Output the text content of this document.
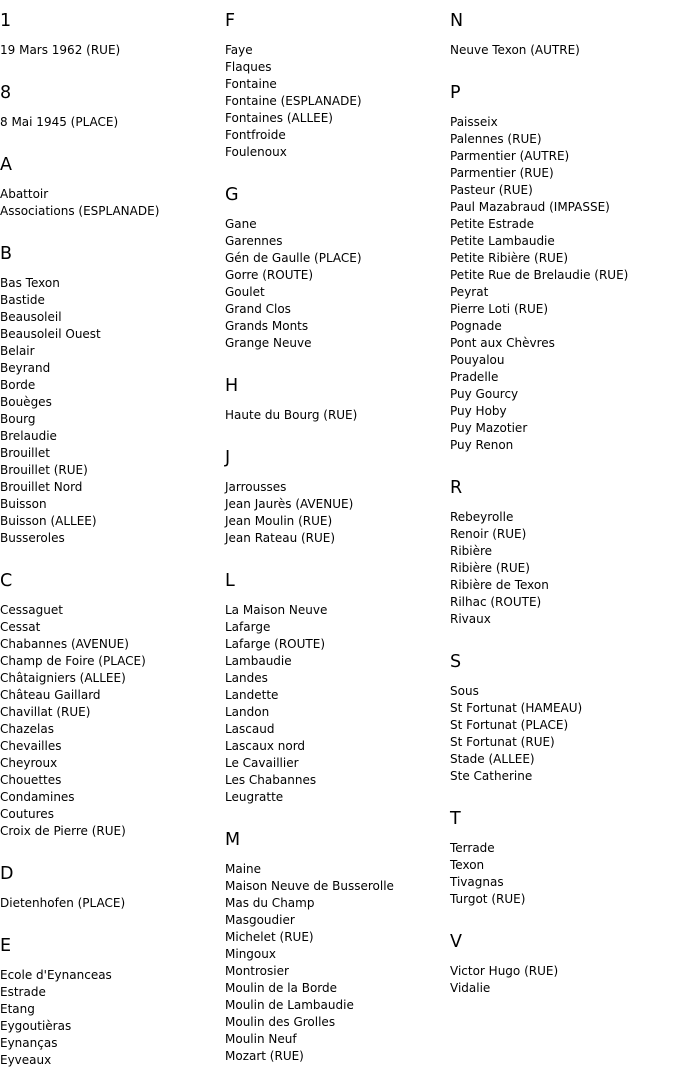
1
19 Mars 1962 (RUE)
8
8 Mai 1945 (PLACE)
A
Abattoir
Associations (ESPLANADE)
B
Bas Texon
Bastide
Beausoleil
Beausoleil Ouest
Belair
Beyrand
Borde
Bouèges
Bourg
Brelaudie
Brouillet
Brouillet (RUE)
Brouillet Nord
Buisson
Buisson (ALLEE)
Busseroles
C
Cessaguet
Cessat
Chabannes (AVENUE)
Champ de Foire (PLACE)
Châtaigniers (ALLEE)
Château Gaillard
Chavillat (RUE)
Chazelas
Chevailles
Cheyroux
Chouettes
Condamines
Coutures
Croix de Pierre (RUE)
D
Dietenhofen (PLACE)
E
Ecole d'Eynanceas
Estrade
Etang
Eygoutièras
Eynanças
Eyveaux
F
Faye
Flaques
Fontaine
Fontaine (ESPLANADE)
Fontaines (ALLEE)
Fontfroide
Foulenoux
G
Gane
Garennes
Gén de Gaulle (PLACE)
Gorre (ROUTE)
Goulet
Grand Clos
Grands Monts
Grange Neuve
H
Haute du Bourg (RUE)
J
Jarrousses
Jean Jaurès (AVENUE)
Jean Moulin (RUE)
Jean Rateau (RUE)
L
La Maison Neuve
Lafarge
Lafarge (ROUTE)
Lambaudie
Landes
Landette
Landon
Lascaud
Lascaux nord
Le Cavaillier
Les Chabannes
Leugratte
M
Maine
Maison Neuve de Busserolle
Mas du Champ
Masgoudier
Michelet (RUE)
Mingoux
Montrosier
Moulin de la Borde
Moulin de Lambaudie
Moulin des Grolles
Moulin Neuf
Mozart (RUE)
N
Neuve Texon (AUTRE)
P
Paisseix
Palennes (RUE)
Parmentier (AUTRE)
Parmentier (RUE)
Pasteur (RUE)
Paul Mazabraud (IMPASSE)
Petite Estrade
Petite Lambaudie
Petite Ribière (RUE)
Petite Rue de Brelaudie (RUE)
Peyrat
Pierre Loti (RUE)
Pognade
Pont aux Chèvres
Pouyalou
Pradelle
Puy Gourcy
Puy Hoby
Puy Mazotier
Puy Renon
R
Rebeyrolle
Renoir (RUE)
Ribière
Ribière (RUE)
Ribière de Texon
Rilhac (ROUTE)
Rivaux
S
Sous
St Fortunat (HAMEAU)
St Fortunat (PLACE)
St Fortunat (RUE)
Stade (ALLEE)
Ste Catherine
T
Terrade
Texon
Tivagnas
Turgot (RUE)
V
Victor Hugo (RUE)
Vidalie
